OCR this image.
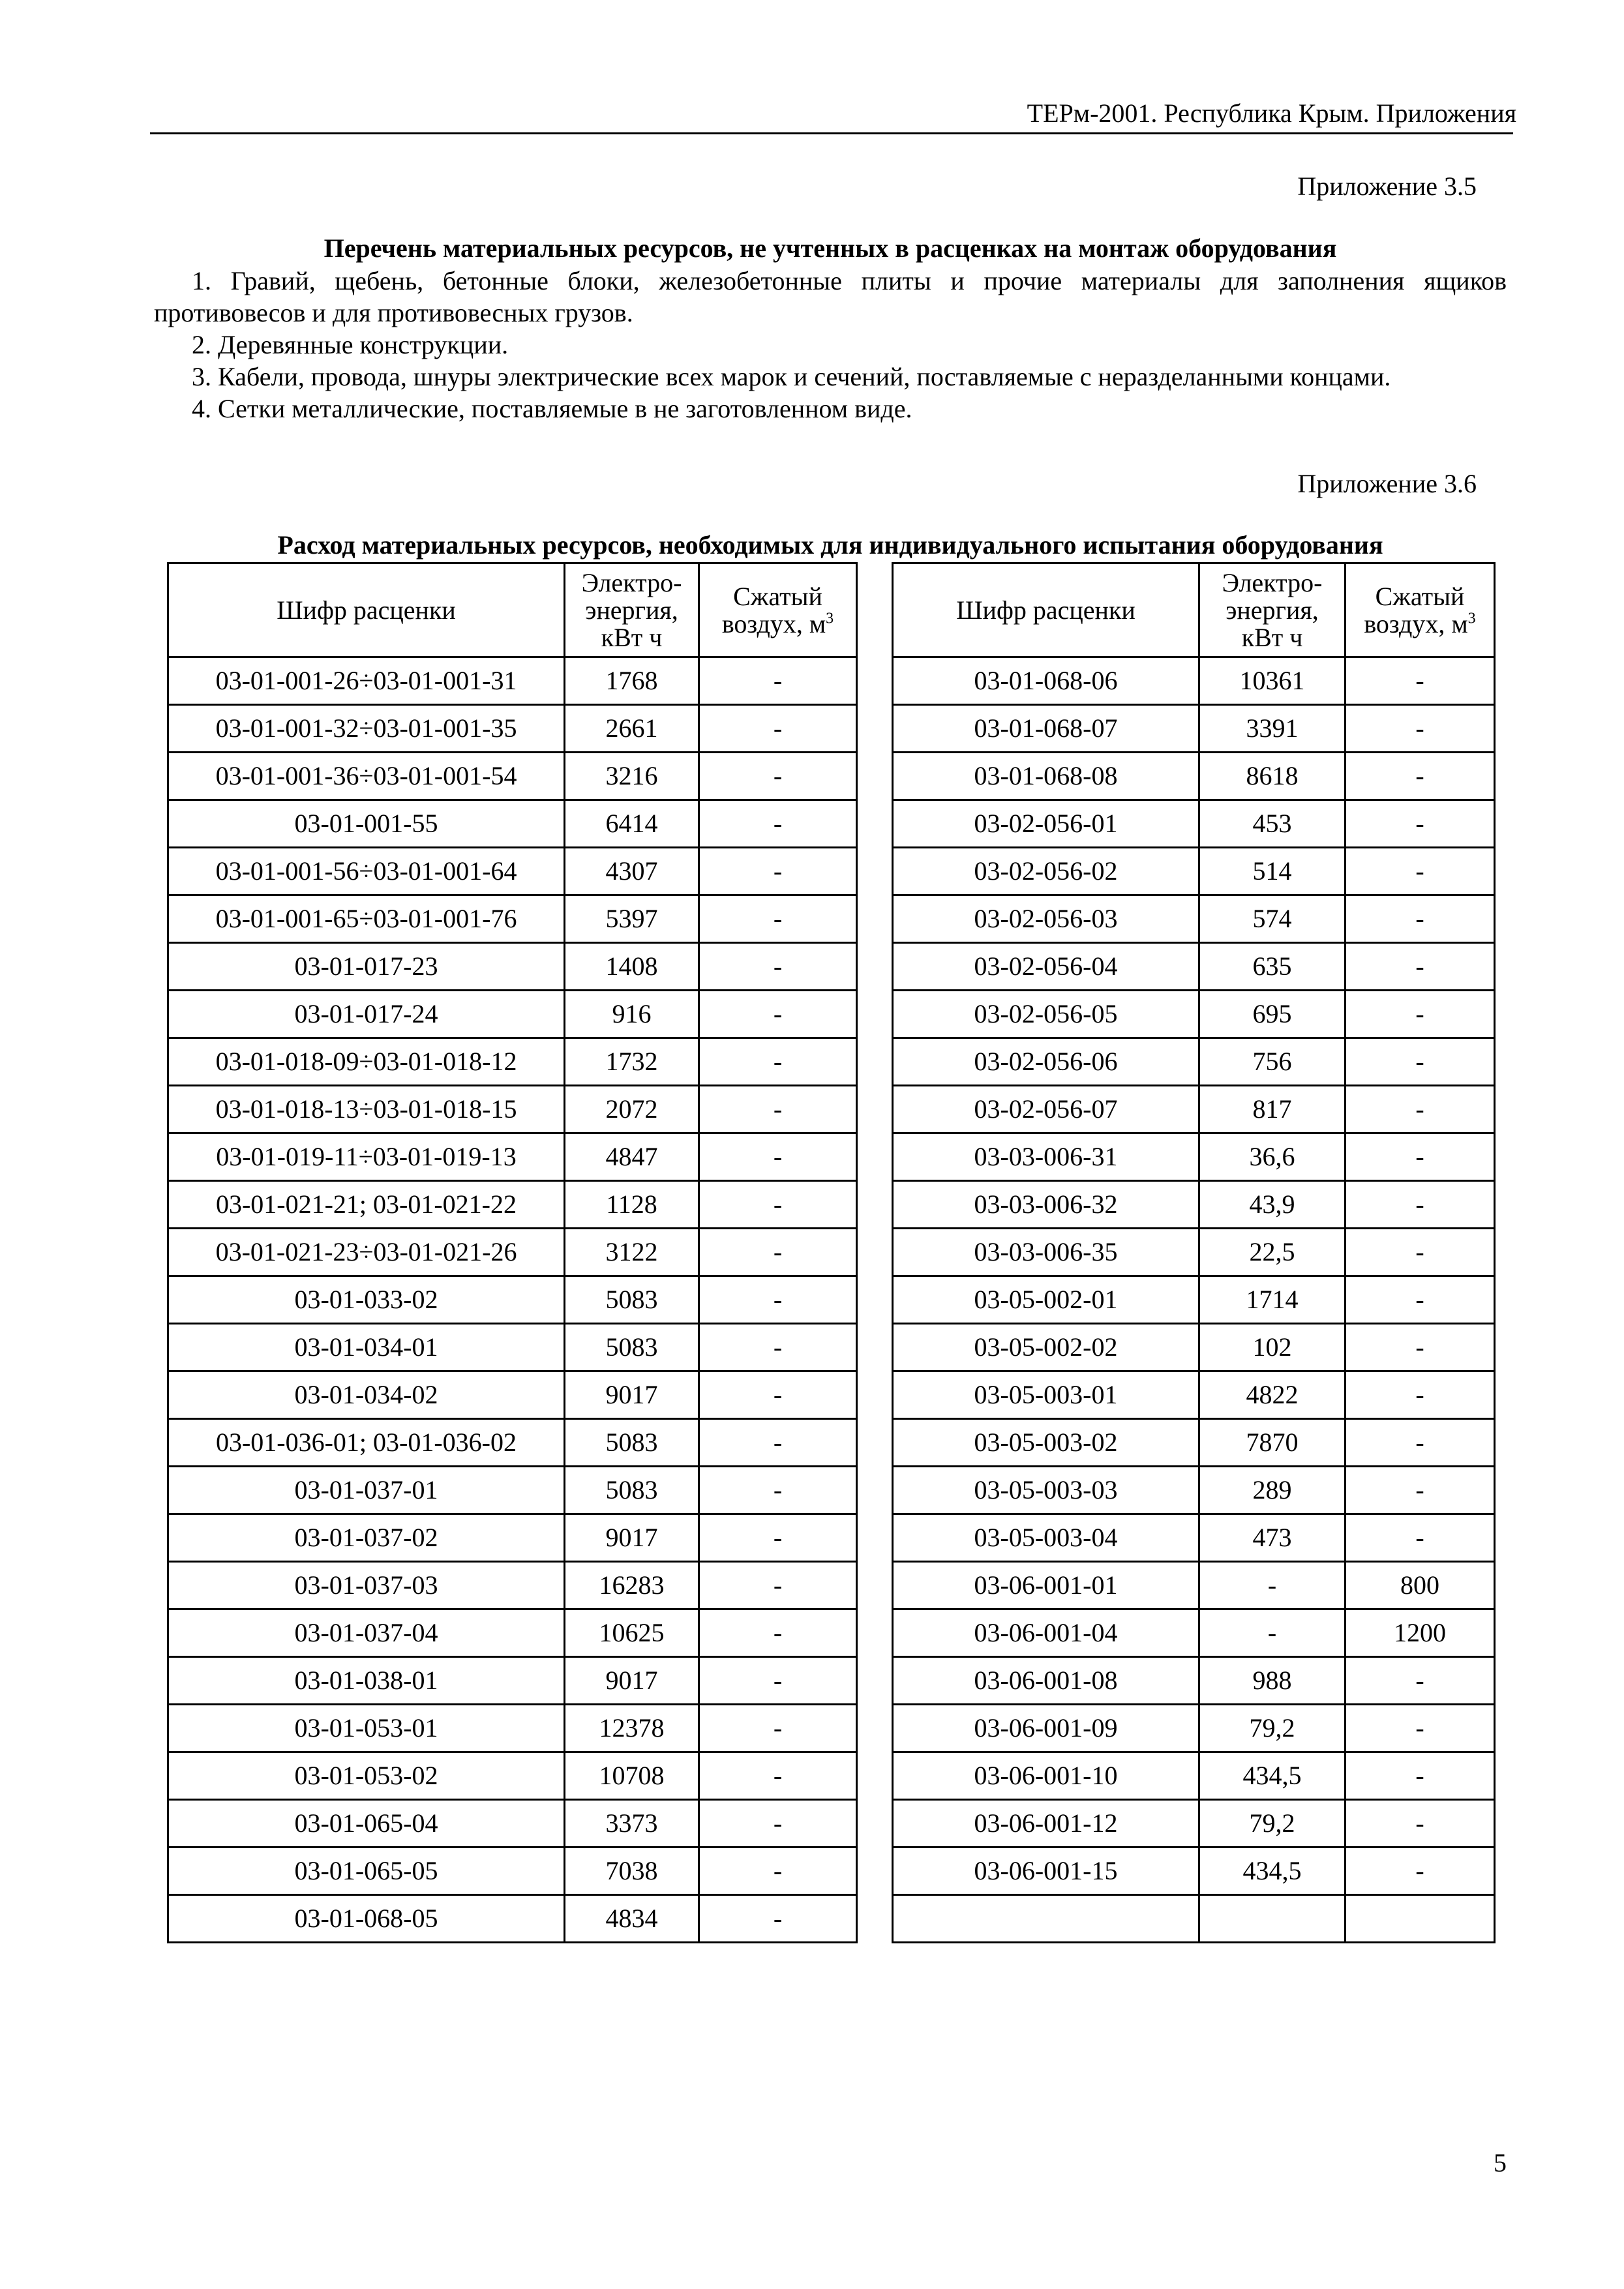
ТЕРм-2001. Республика Крым. Приложения
Приложение 3.5
Перечень материальных ресурсов, не учтенных в расценках на монтаж оборудования
1. Гравий, щебень, бетонные блоки, железобетонные плиты и прочие материалы для заполнения ящиков противовесов и для противовесных грузов.
2. Деревянные конструкции.
3. Кабели, провода, шнуры электрические всех марок и сечений, поставляемые с неразделанными концами.
4. Сетки металлические, поставляемые в не заготовленном виде.
Приложение 3.6
Расход материальных ресурсов, необходимых для индивидуального испытания оборудования
Шифр расценки	Электро-
энергия,
кВт ч	Сжатый
воздух, $м^3$
03-01-001-26÷03-01-001-31	1768	-
03-01-001-32÷03-01-001-35	2661	-
03-01-001-36÷03-01-001-54	3216	-
03-01-001-55	6414	-
03-01-001-56÷03-01-001-64	4307	-
03-01-001-65÷03-01-001-76	5397	-
03-01-017-23	1408	-
03-01-017-24	916	-
03-01-018-09÷03-01-018-12	1732	-
03-01-018-13÷03-01-018-15	2072	-
03-01-019-11÷03-01-019-13	4847	-
03-01-021-21; 03-01-021-22	1128	-
03-01-021-23÷03-01-021-26	3122	-
03-01-033-02	5083	-
03-01-034-01	5083	-
03-01-034-02	9017	-
03-01-036-01; 03-01-036-02	5083	-
03-01-037-01	5083	-
03-01-037-02	9017	-
03-01-037-03	16283	-
03-01-037-04	10625	-
03-01-038-01	9017	-
03-01-053-01	12378	-
03-01-053-02	10708	-
03-01-065-04	3373	-
03-01-065-05	7038	-
03-01-068-05	4834	-
Шифр расценки	Электро-
энергия,
кВт ч	Сжатый
воздух, $м^3$
03-01-068-06	10361	-
03-01-068-07	3391	-
03-01-068-08	8618	-
03-02-056-01	453	-
03-02-056-02	514	-
03-02-056-03	574	-
03-02-056-04	635	-
03-02-056-05	695	-
03-02-056-06	756	-
03-02-056-07	817	-
03-03-006-31	36,6	-
03-03-006-32	43,9	-
03-03-006-35	22,5	-
03-05-002-01	1714	-
03-05-002-02	102	-
03-05-003-01	4822	-
03-05-003-02	7870	-
03-05-003-03	289	-
03-05-003-04	473	-
03-06-001-01	-	800
03-06-001-04	-	1200
03-06-001-08	988	-
03-06-001-09	79,2	-
03-06-001-10	434,5	-
03-06-001-12	79,2	-
03-06-001-15	434,5	-

5
